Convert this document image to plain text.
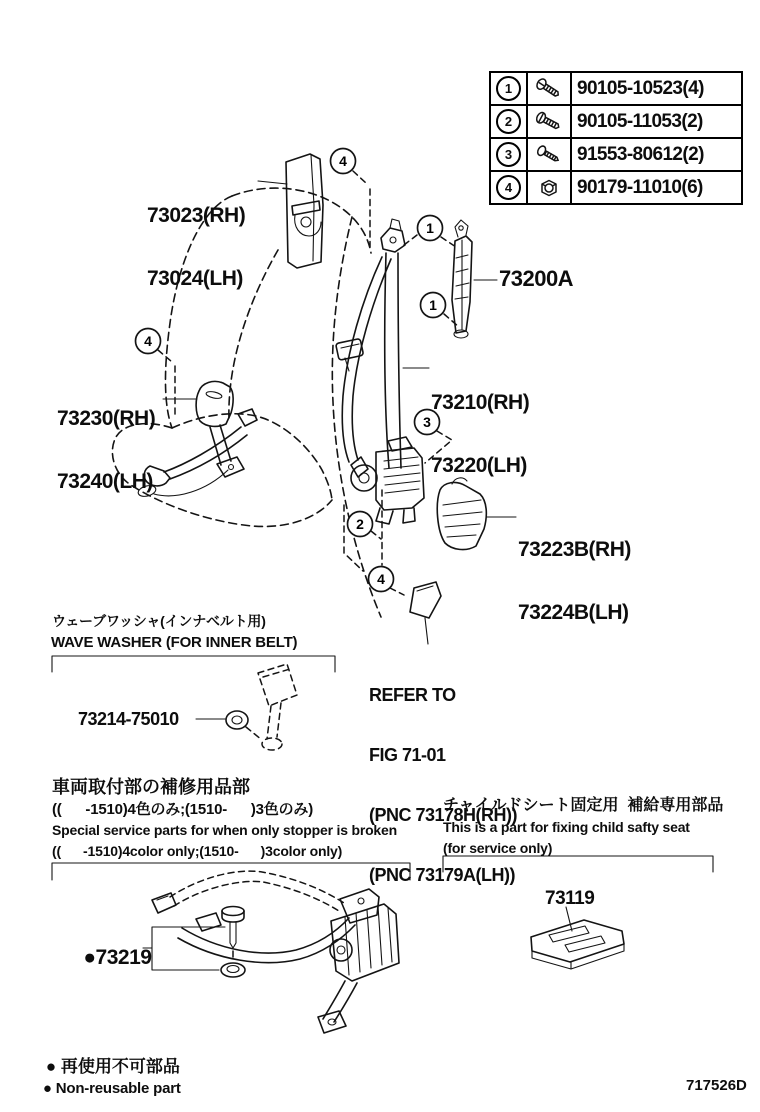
4
1
1
4
3
2
4
1	90105-10523(4)
2	90105-11053(2)
3	91553-80612(2)
4	90179-11010(6)

73023(RH)

73024(LH)

	73200A

73210(RH)

73220(LH)

73230(RH)

73240(LH)

73223B(RH)

73224B(LH)

ウェーブワッシャ(インナベルト用)
WAVE WASHER (FOR INNER BELT)

REFER TO

FIG 71-01

(PNC 73178H(RH))

(PNC 73179A(LH))

73214-75010
車両取付部の補修用品部
((      -1510)4色のみ;(1510-      )3色のみ)
Special service parts for when only stopper is broken
((      -1510)4color only;(1510-      )3color only)
チャイルドシート固定用  補給専用部品
This is a part for fixing child safty seat
(for service only)
73119

●73219

● 再使用不可部品

● Non-reusable part
	717526D
